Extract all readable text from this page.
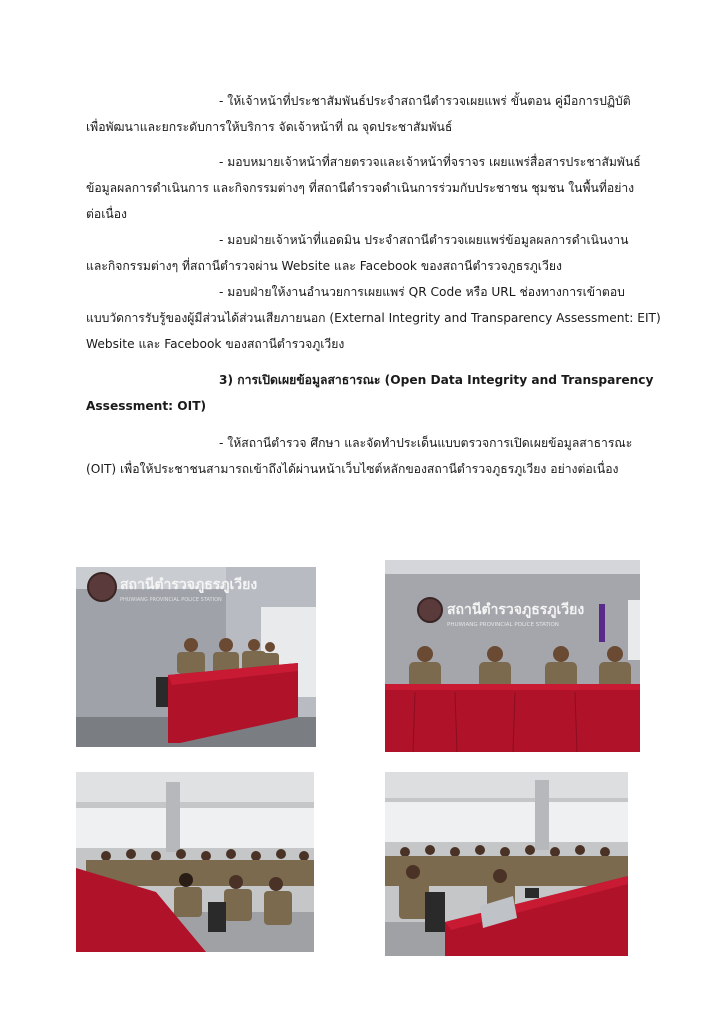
- ให้เจ้าหน้าที่ประชาสัมพันธ์ประจำสถานีตำรวจเผยแพร่ ขั้นตอน คู่มือการปฏิบัติ
เพื่อพัฒนาและยกระดับการให้บริการ จัดเจ้าหน้าที่ ณ จุดประชาสัมพันธ์
- มอบหมายเจ้าหน้าที่สายตรวจและเจ้าหน้าที่จราจร เผยแพร่สื่อสารประชาสัมพันธ์
ข้อมูลผลการดำเนินการ และกิจกรรมต่างๆ ที่สถานีตำรวจดำเนินการร่วมกับประชาชน ชุมชน ในพื้นที่อย่าง
ต่อเนื่อง
- มอบฝ่ายเจ้าหน้าที่แอดมิน ประจำสถานีตำรวจเผยแพร่ข้อมูลผลการดำเนินงาน
และกิจกรรมต่างๆ ที่สถานีตำรวจผ่าน Website และ Facebook ของสถานีตำรวจภูธรภูเวียง
- มอบฝ่ายให้งานอำนวยการเผยแพร่ QR Code หรือ URL ช่องทางการเข้าตอบ
แบบวัดการรับรู้ของผู้มีส่วนได้ส่วนเสียภายนอก (External Integrity and Transparency Assessment: EIT)
Website และ Facebook ของสถานีตำรวจภูเวียง
3) การเปิดเผยข้อมูลสาธารณะ (Open Data Integrity and Transparency
Assessment: OIT)
- ให้สถานีตำรวจ ศึกษา และจัดทำประเด็นแบบตรวจการเปิดเผยข้อมูลสาธารณะ
(OIT) เพื่อให้ประชาชนสามารถเข้าถึงได้ผ่านหน้าเว็บไซต์หลักของสถานีตำรวจภูธรภูเวียง อย่างต่อเนื่อง
สถานีตำรวจภูธรภูเวียง
PHUWIANG PROVINCIAL POLICE STATION
สถานีตำรวจภูธรภูเวียง
PHUWIANG PROVINCIAL POLICE STATION
